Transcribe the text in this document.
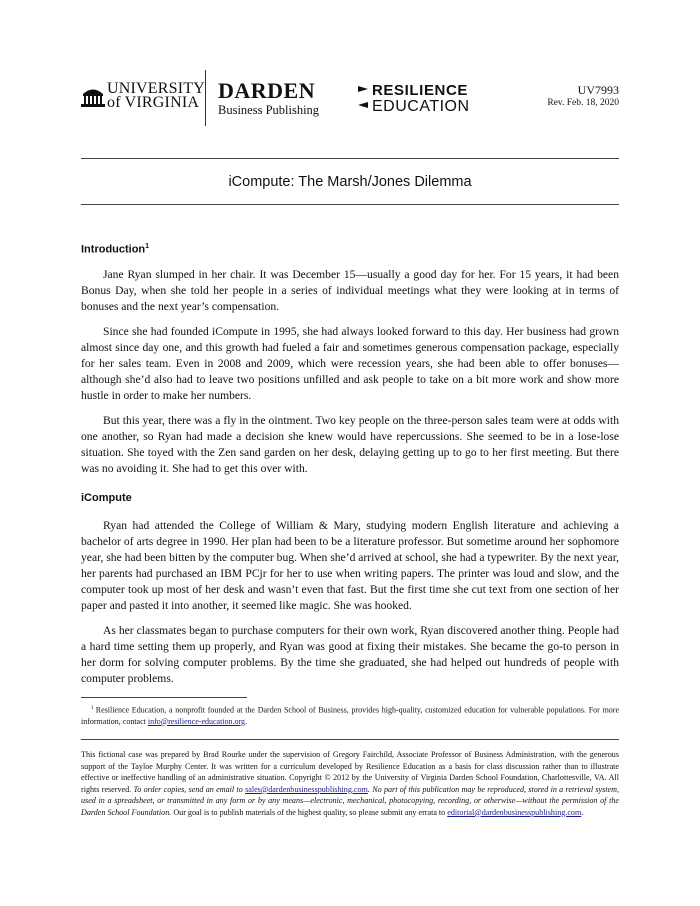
UNIVERSITY
of VIRGINIA DARDEN
Business Publishing
RESILIENCE
EDUCATION
UV7993
Rev. Feb. 18, 2020
iCompute: The Marsh/Jones Dilemma
Introduction$^1$

Jane Ryan slumped in her chair. It was December 15—usually a good day for her. For 15 years, it had been Bonus Day, when she told her people in a series of individual meetings what they were looking at in terms of bonuses and the next year’s compensation.

Since she had founded iCompute in 1995, she had always looked forward to this day. Her business had grown almost since day one, and this growth had fueled a fair and sometimes generous compensation package, especially for her sales team. Even in 2008 and 2009, which were recession years, she had been able to offer bonuses—although she’d also had to leave two positions unfilled and ask people to take on a bit more work and show more hustle in order to make her numbers.

But this year, there was a fly in the ointment. Two key people on the three-person sales team were at odds with one another, so Ryan had made a decision she knew would have repercussions. She seemed to be in a lose-lose situation. She toyed with the Zen sand garden on her desk, delaying getting up to go to her first meeting. But there was no avoiding it. She had to get this over with.

iCompute

Ryan had attended the College of William & Mary, studying modern English literature and achieving a bachelor of arts degree in 1990. Her plan had been to be a literature professor. But sometime around her sophomore year, she had been bitten by the computer bug. When she’d arrived at school, she had a typewriter. By the next year, her parents had purchased an IBM PCjr for her to use when writing papers. The printer was loud and slow, and the computer took up most of her desk and wasn’t even that fast. But the first time she cut text from one section of her paper and pasted it into another, it seemed like magic. She was hooked.

As her classmates began to purchase computers for their own work, Ryan discovered another thing. People had a hard time setting them up properly, and Ryan was good at fixing their mistakes. She became the go-to person in her dorm for solving computer problems. By the time she graduated, she had helped out hundreds of people with computer problems.

$^1$ Resilience Education, a nonprofit founded at the Darden School of Business, provides high-quality, customized education for vulnerable populations. For more information, contact info@resilience-education.org.
This fictional case was prepared by Brad Rourke under the supervision of Gregory Fairchild, Associate Professor of Business Administration, with the generous support of the Tayloe Murphy Center. It was written for a curriculum developed by Resilience Education as a basis for class discussion rather than to illustrate effective or ineffective handling of an administrative situation. Copyright © 2012 by the University of Virginia Darden School Foundation, Charlottesville, VA. All rights reserved. To order copies, send an email to sales@dardenbusinesspublishing.com. No part of this publication may be reproduced, stored in a retrieval system, used in a spreadsheet, or transmitted in any form or by any means—electronic, mechanical, photocopying, recording, or otherwise—without the permission of the Darden School Foundation. Our goal is to publish materials of the highest quality, so please submit any errata to editorial@dardenbusinesspublishing.com.
